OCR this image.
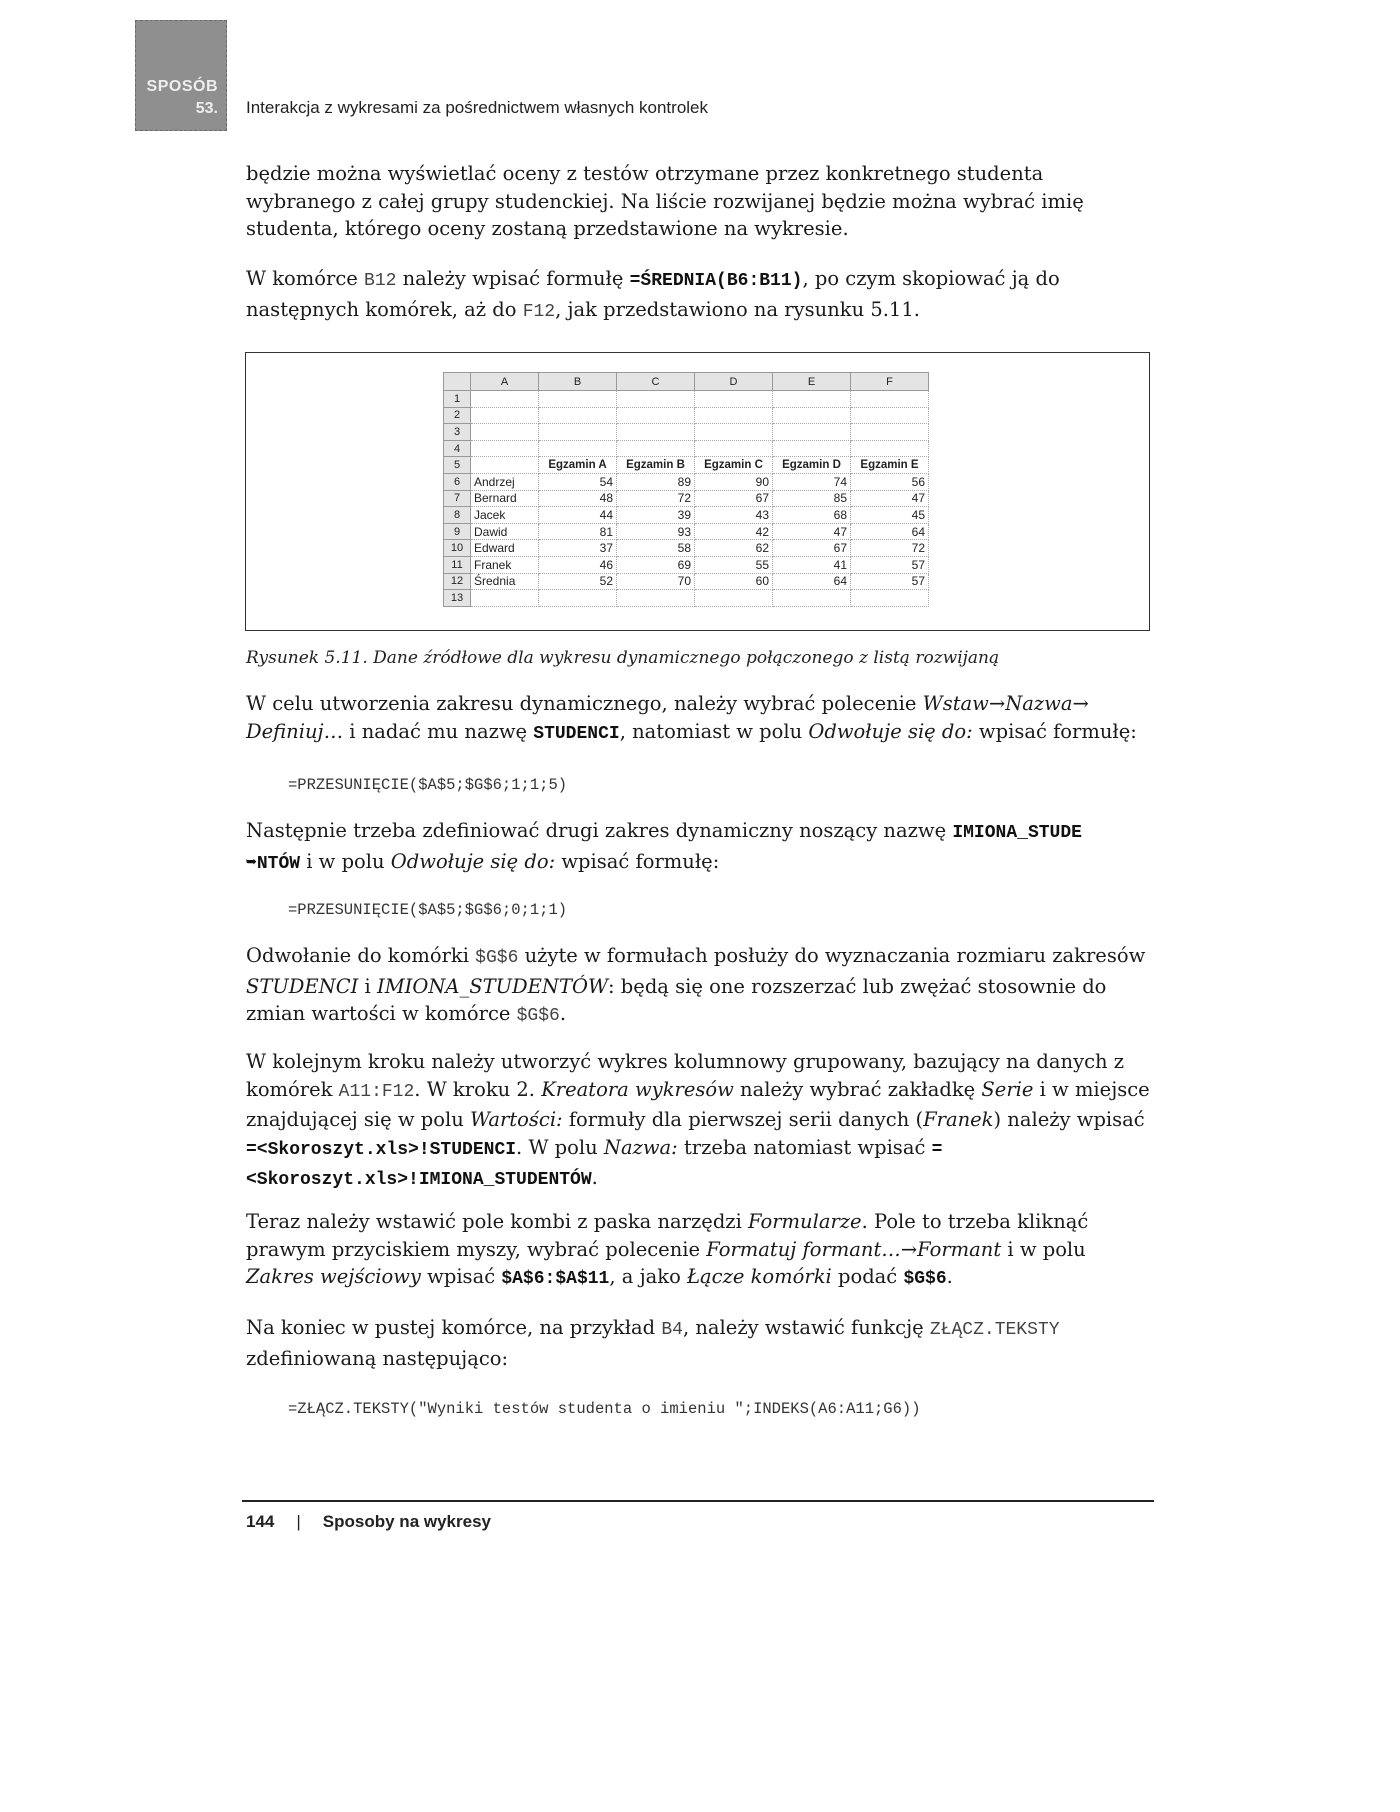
SPOSÓB
53. Interakcja z wykresami za pośrednictwem własnych kontrolek

będzie można wyświetlać oceny z testów otrzymane przez konkretnego studenta wybranego z całej grupy studenckiej. Na liście rozwijanej będzie można wybrać imię studenta, którego oceny zostaną przedstawione na wykresie.

W komórce B12 należy wpisać formułę =ŚREDNIA(B6:B11), po czym skopiować ją do następnych komórek, aż do F12, jak przedstawiono na rysunku 5.11.

	A	B	C	D	E	F
1						
2						
3						
4						
5		Egzamin A	Egzamin B	Egzamin C	Egzamin D	Egzamin E
6	Andrzej	54	89	90	74	56
7	Bernard	48	72	67	85	47
8	Jacek	44	39	43	68	45
9	Dawid	81	93	42	47	64
10	Edward	37	58	62	67	72
11	Franek	46	69	55	41	57
12	Średnia	52	70	60	64	57
13						
Rysunek 5.11. Dane źródłowe dla wykresu dynamicznego połączonego z listą rozwijaną

W celu utworzenia zakresu dynamicznego, należy wybrać polecenie Wstaw→Nazwa→ Definiuj… i nadać mu nazwę STUDENCI, natomiast w polu Odwołuje się do: wpisać formułę:

=PRZESUNIĘCIE($A$5;$G$6;1;1;5)

Następnie trzeba zdefiniować drugi zakres dynamiczny noszący nazwę IMIONA_STUDE
➥NTÓW i w polu Odwołuje się do: wpisać formułę:

=PRZESUNIĘCIE($A$5;$G$6;0;1;1)

Odwołanie do komórki $G$6 użyte w formułach posłuży do wyznaczania rozmiaru zakresów STUDENCI i IMIONA_STUDENTÓW: będą się one rozszerzać lub zwężać stosownie do zmian wartości w komórce $G$6.

W kolejnym kroku należy utworzyć wykres kolumnowy grupowany, bazujący na danych z komórek A11:F12. W kroku 2. Kreatora wykresów należy wybrać zakładkę Serie i w miejsce znajdującej się w polu Wartości: formuły dla pierwszej serii danych (Franek) należy wpisać =<Skoroszyt.xls>!STUDENCI. W polu Nazwa: trzeba natomiast wpisać =<Skoroszyt.xls>!IMIONA_STUDENTÓW.

Teraz należy wstawić pole kombi z paska narzędzi Formularze. Pole to trzeba kliknąć prawym przyciskiem myszy, wybrać polecenie Formatuj formant…→Formant i w polu Zakres wejściowy wpisać $A$6:$A$11, a jako Łącze komórki podać $G$6.

Na koniec w pustej komórce, na przykład B4, należy wstawić funkcję ZŁĄCZ.TEKSTY zdefiniowaną następująco:

=ZŁĄCZ.TEKSTY("Wyniki testów studenta o imieniu ";INDEKS(A6:A11;G6))
144 | Sposoby na wykresy
